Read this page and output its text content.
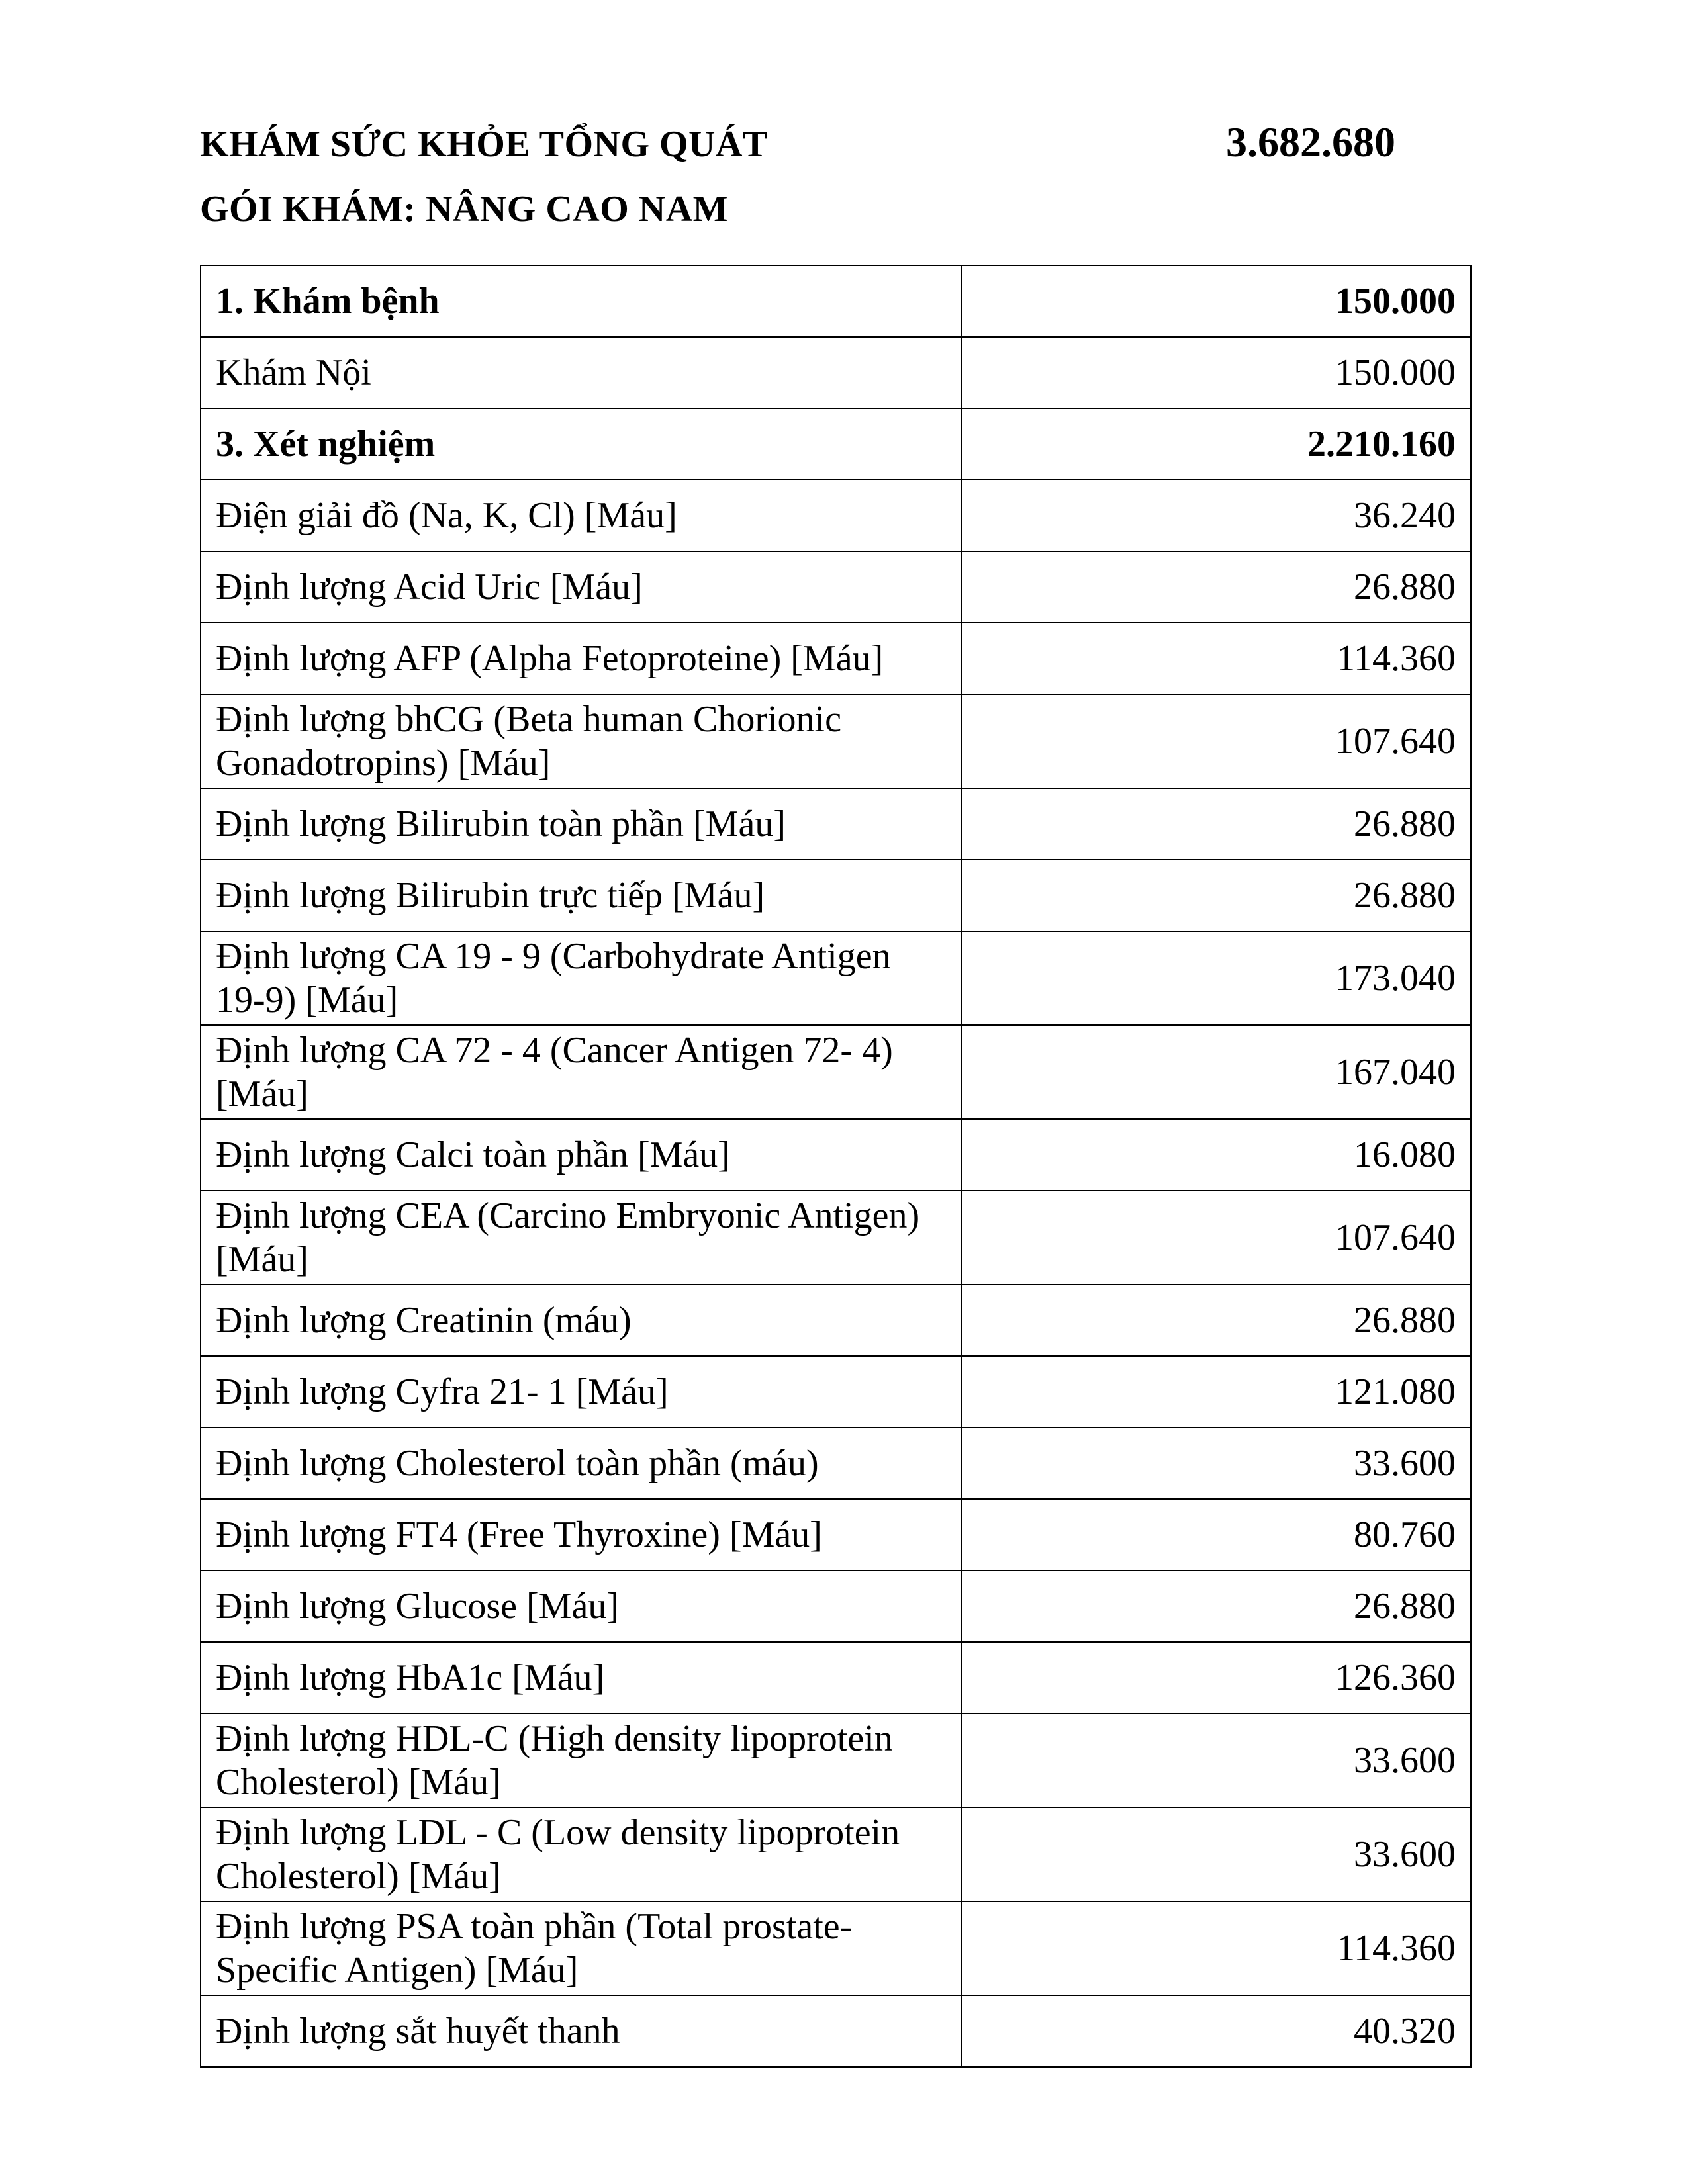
KHÁM SỨC KHỎE TỔNG QUÁT	3.682.680
GÓI KHÁM: NÂNG CAO NAM
1. Khám bệnh	150.000
Khám Nội	150.000
3. Xét nghiệm	2.210.160
Điện giải đồ (Na, K, Cl) [Máu]	36.240
Định lượng Acid Uric [Máu]	26.880
Định lượng AFP (Alpha Fetoproteine) [Máu]	114.360
Định lượng bhCG (Beta human Chorionic Gonadotropins) [Máu]	107.640
Định lượng Bilirubin toàn phần [Máu]	26.880
Định lượng Bilirubin trực tiếp [Máu]	26.880
Định lượng CA 19 - 9 (Carbohydrate Antigen 19-9) [Máu]	173.040
Định lượng CA 72 - 4 (Cancer Antigen 72- 4) [Máu]	167.040
Định lượng Calci toàn phần [Máu]	16.080
Định lượng CEA (Carcino Embryonic Antigen) [Máu]	107.640
Định lượng Creatinin (máu)	26.880
Định lượng Cyfra 21- 1 [Máu]	121.080
Định lượng Cholesterol toàn phần (máu)	33.600
Định lượng FT4 (Free Thyroxine) [Máu]	80.760
Định lượng Glucose [Máu]	26.880
Định lượng HbA1c [Máu]	126.360
Định lượng HDL-C (High density lipoprotein Cholesterol) [Máu]	33.600
Định lượng LDL - C (Low density lipoprotein Cholesterol) [Máu]	33.600
Định lượng PSA toàn phần (Total prostate-Specific Antigen) [Máu]	114.360
Định lượng sắt huyết thanh	40.320
